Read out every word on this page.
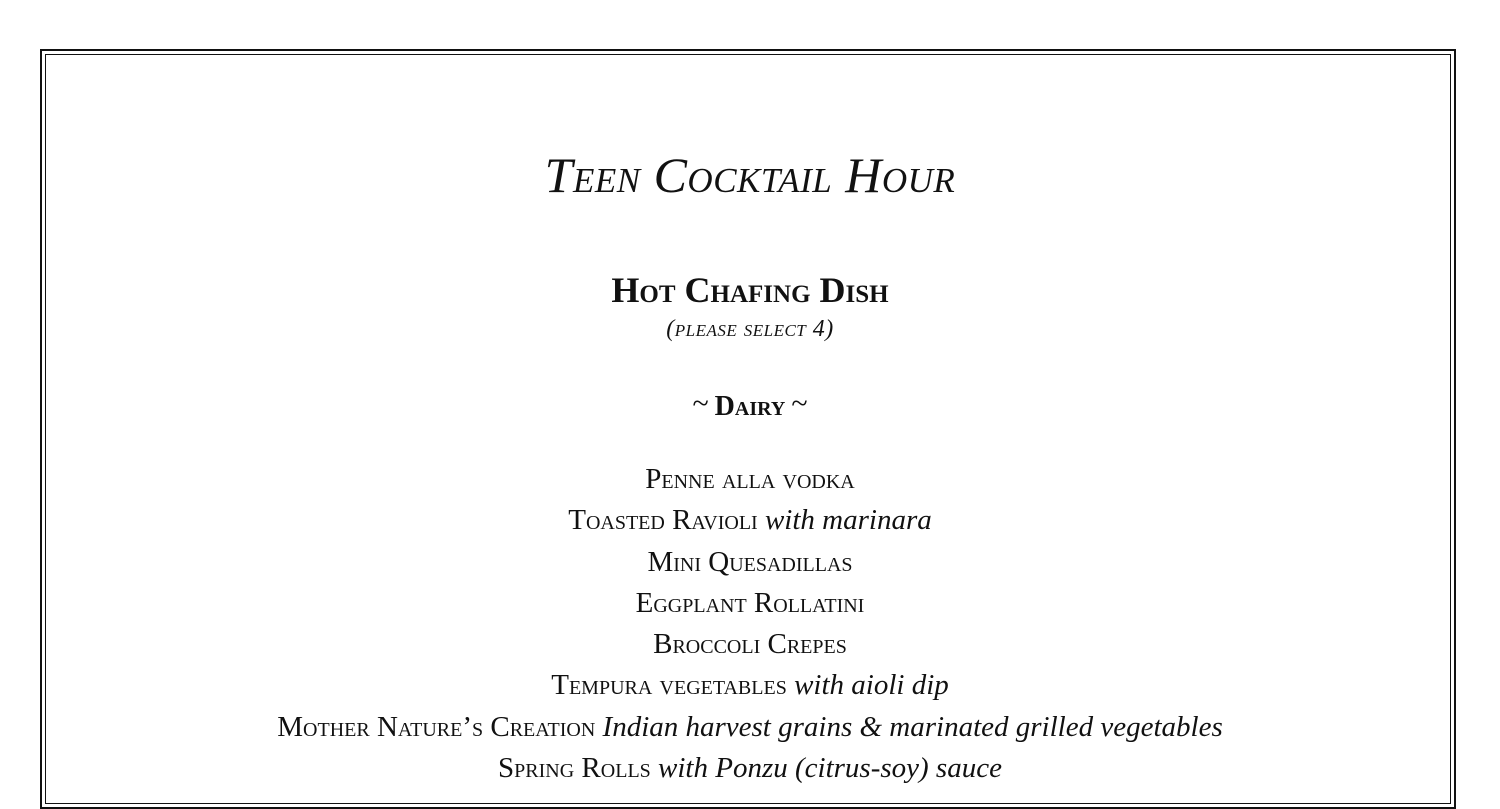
Teen Cocktail Hour
Hot Chafing Dish
(please select 4)
~ Dairy ~
Penne alla vodka
Toasted Ravioli with marinara
Mini Quesadillas
Eggplant Rollatini
Broccoli Crepes
Tempura vegetables with aioli dip
Mother Nature’s Creation Indian harvest grains & marinated grilled vegetables
Spring Rolls with Ponzu (citrus-soy) sauce
